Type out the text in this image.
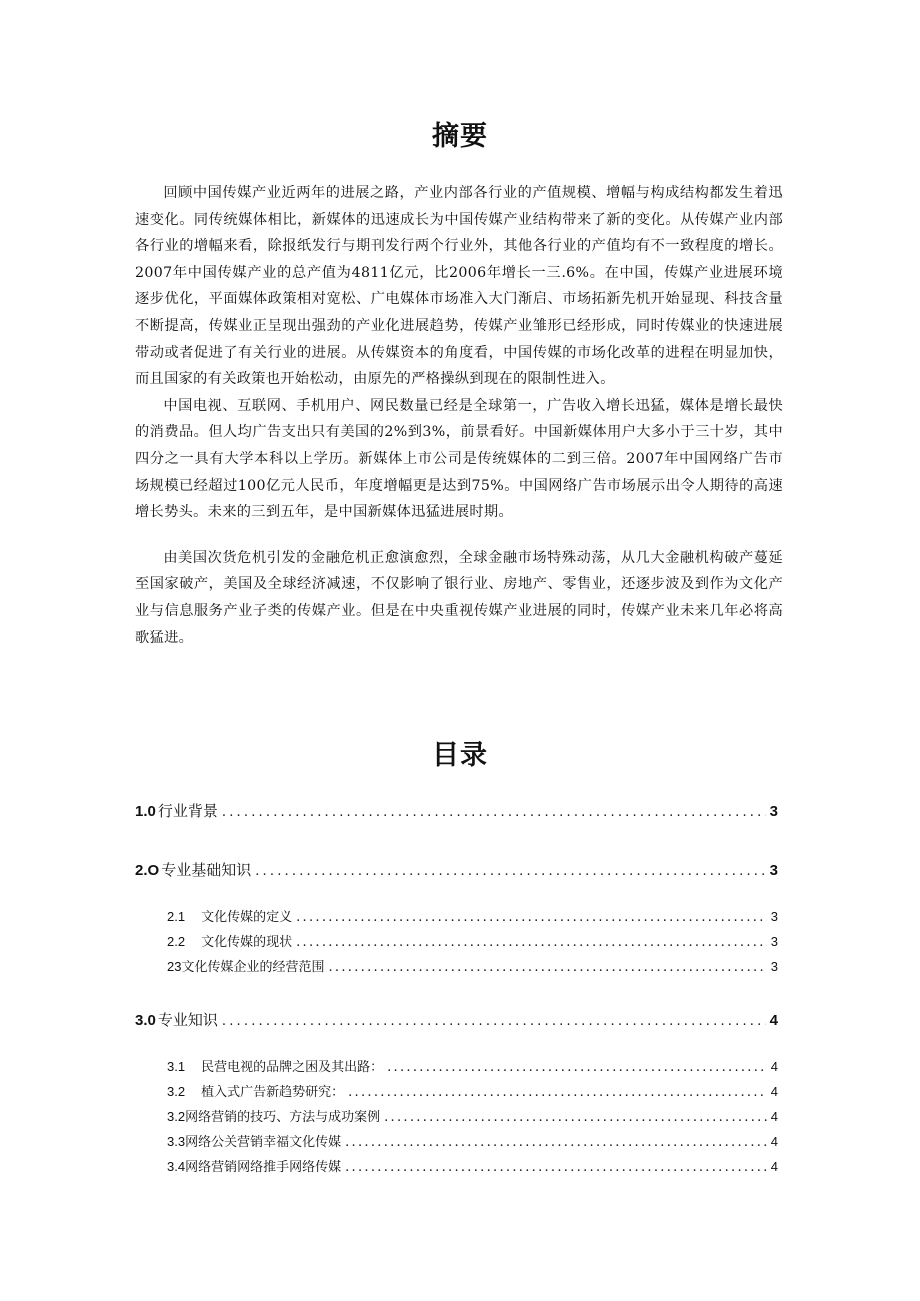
摘要

回顾中国传媒产业近两年的进展之路，产业内部各行业的产值规模、增幅与构成结构都发生着迅速变化。同传统媒体相比，新媒体的迅速成长为中国传媒产业结构带来了新的变化。从传媒产业内部各行业的增幅来看，除报纸发行与期刊发行两个行业外，其他各行业的产值均有不一致程度的增长。2007年中国传媒产业的总产值为4811亿元，比2006年增长一三.6%。在中国，传媒产业进展环境逐步优化，平面媒体政策相对宽松、广电媒体市场准入大门渐启、市场拓新先机开始显现、科技含量不断提高，传媒业正呈现出强劲的产业化进展趋势，传媒产业雏形已经形成，同时传媒业的快速进展带动或者促进了有关行业的进展。从传媒资本的角度看，中国传媒的市场化改革的进程在明显加快，而且国家的有关政策也开始松动，由原先的严格操纵到现在的限制性进入。

中国电视、互联网、手机用户、网民数量已经是全球第一，广告收入增长迅猛，媒体是增长最快的消费品。但人均广告支出只有美国的2%到3%，前景看好。中国新媒体用户大多小于三十岁，其中四分之一具有大学本科以上学历。新媒体上市公司是传统媒体的二到三倍。2007年中国网络广告市场规模已经超过100亿元人民币，年度增幅更是达到75%。中国网络广告市场展示出令人期待的高速增长势头。未来的三到五年，是中国新媒体迅猛进展时期。

由美国次货危机引发的金融危机正愈演愈烈，全球金融市场特殊动荡，从几大金融机构破产蔓延至国家破产，美国及全球经济减速，不仅影响了银行业、房地产、零售业，还逐步波及到作为文化产业与信息服务产业子类的传媒产业。但是在中央重视传媒产业进展的同时，传媒产业未来几年必将高歌猛进。

目录
1.0 行业背景 .....	3
2.O 专业基础知识 .....	3
2.1 文化传媒的定义 .....	3
2.2 文化传媒的现状 .....	3
23 文化传媒企业的经营范围 .....	3
3.0 专业知识 .....	4
3.1 民营电视的品牌之困及其出路： .....	4
3.2 植入式广告新趋势研究： .....	4
3.2 网络营销的技巧、方法与成功案例 .....	4
3.3 网络公关营销幸福文化传媒 .....	4
3.4 网络营销网络推手网络传媒 .....	4
